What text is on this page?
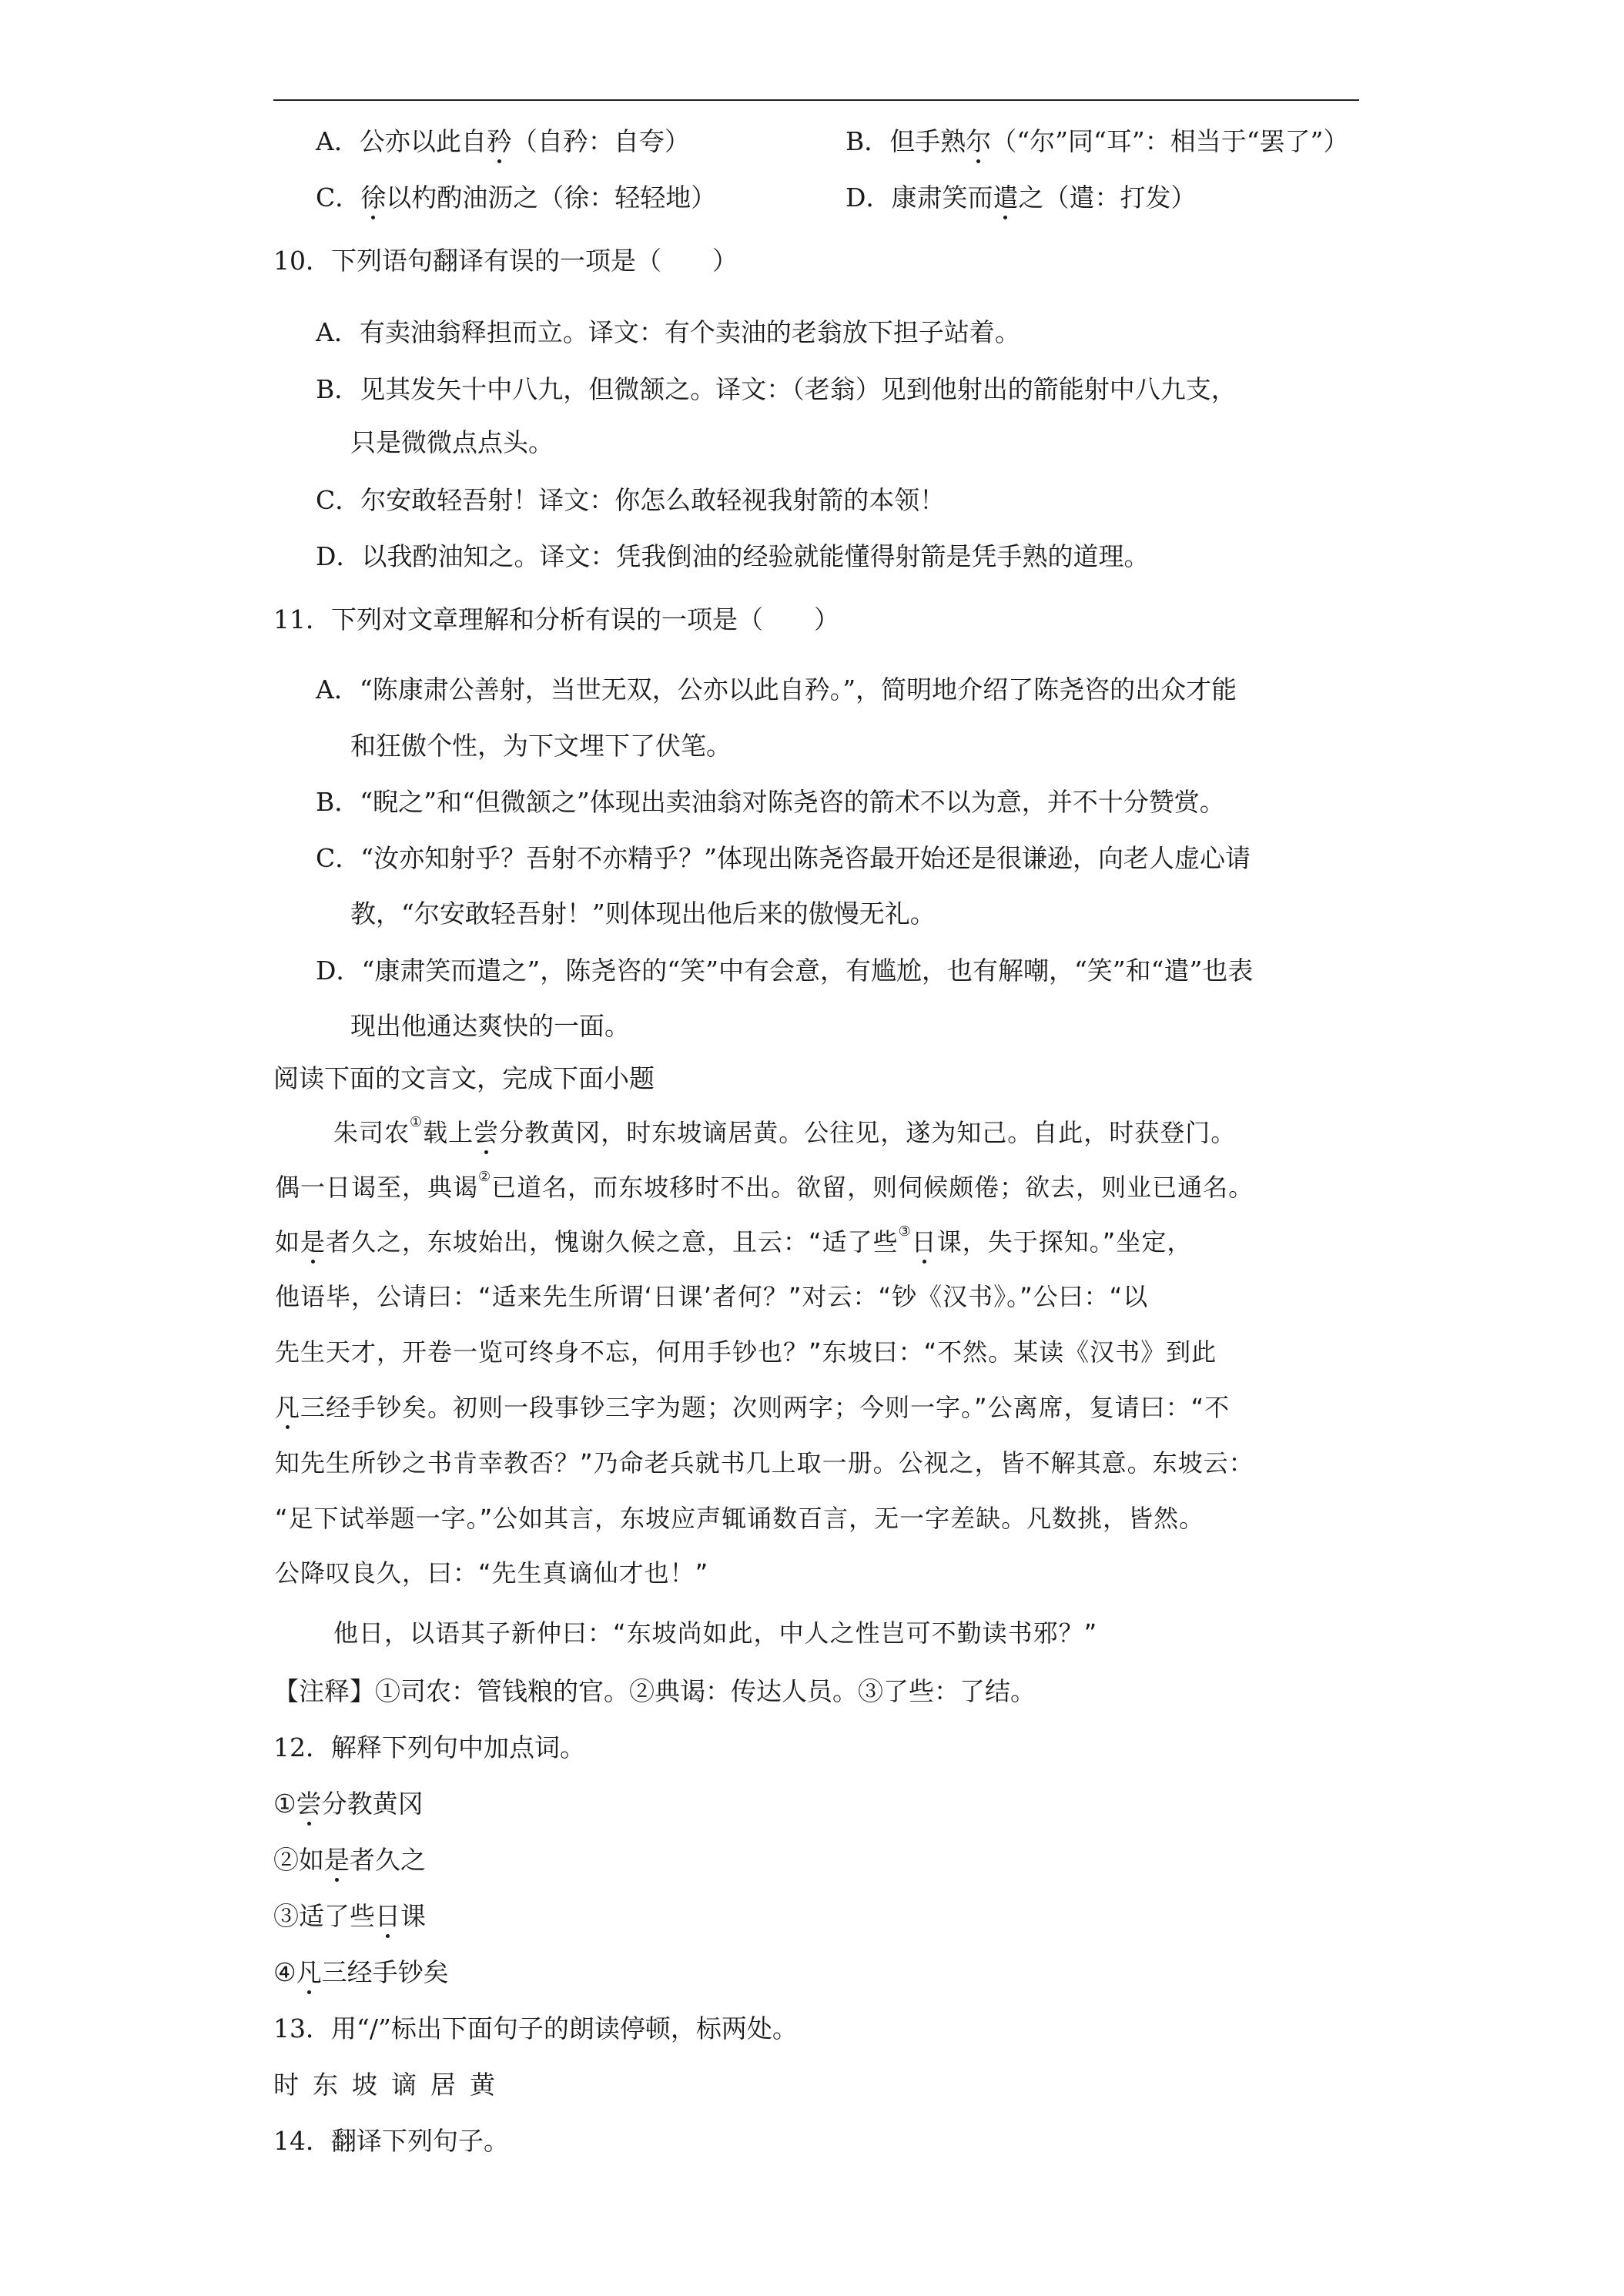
A．公亦以此自矜（自矜：自夸）	B．但手熟尔（“尔”同“耳”：相当于“罢了”）
C．徐以杓酌油沥之（徐：轻轻地）	D．康肃笑而遣之（遣：打发）
10．下列语句翻译有误的一项是（　　）
A．有卖油翁释担而立。译文：有个卖油的老翁放下担子站着。
B．见其发矢十中八九，但微颔之。译文：（老翁）见到他射出的箭能射中八九支，
只是微微点点头。
C．尔安敢轻吾射！译文：你怎么敢轻视我射箭的本领！
D．以我酌油知之。译文：凭我倒油的经验就能懂得射箭是凭手熟的道理。
11．下列对文章理解和分析有误的一项是（　　）
A．“陈康肃公善射，当世无双，公亦以此自矜。”，简明地介绍了陈尧咨的出众才能
和狂傲个性，为下文埋下了伏笔。
B．“睨之”和“但微颔之”体现出卖油翁对陈尧咨的箭术不以为意，并不十分赞赏。
C．“汝亦知射乎？吾射不亦精乎？”体现出陈尧咨最开始还是很谦逊，向老人虚心请
教，“尔安敢轻吾射！”则体现出他后来的傲慢无礼。
D．“康肃笑而遣之”，陈尧咨的“笑”中有会意，有尴尬，也有解嘲，“笑”和“遣”也表
现出他通达爽快的一面。
阅读下面的文言文，完成下面小题
朱司农①载上尝分教黄冈，时东坡谪居黄。公往见，遂为知己。自此，时获登门。
偶一日谒至，典谒②已道名，而东坡移时不出。欲留，则伺候颇倦；欲去，则业已通名。
如是者久之，东坡始出，愧谢久候之意，且云：“适了些③日课，失于探知。”坐定，
他语毕，公请曰：“适来先生所谓‘日课’者何？”对云：“钞《汉书》。”公曰：“以
先生天才，开卷一览可终身不忘，何用手钞也？”东坡曰：“不然。某读《汉书》到此
凡三经手钞矣。初则一段事钞三字为题；次则两字；今则一字。”公离席，复请曰：“不
知先生所钞之书肯幸教否？”乃命老兵就书几上取一册。公视之，皆不解其意。东坡云：
“足下试举题一字。”公如其言，东坡应声辄诵数百言，无一字差缺。凡数挑，皆然。
公降叹良久，曰：“先生真谪仙才也！”
他日，以语其子新仲曰：“东坡尚如此，中人之性岂可不勤读书邪？”
【注释】①司农：管钱粮的官。②典谒：传达人员。③了些：了结。
12．解释下列句中加点词。
①尝分教黄冈
②如是者久之
③适了些日课
④凡三经手钞矣
13．用“/”标出下面句子的朗读停顿，标两处。
时东坡谪居黄
14．翻译下列句子。
